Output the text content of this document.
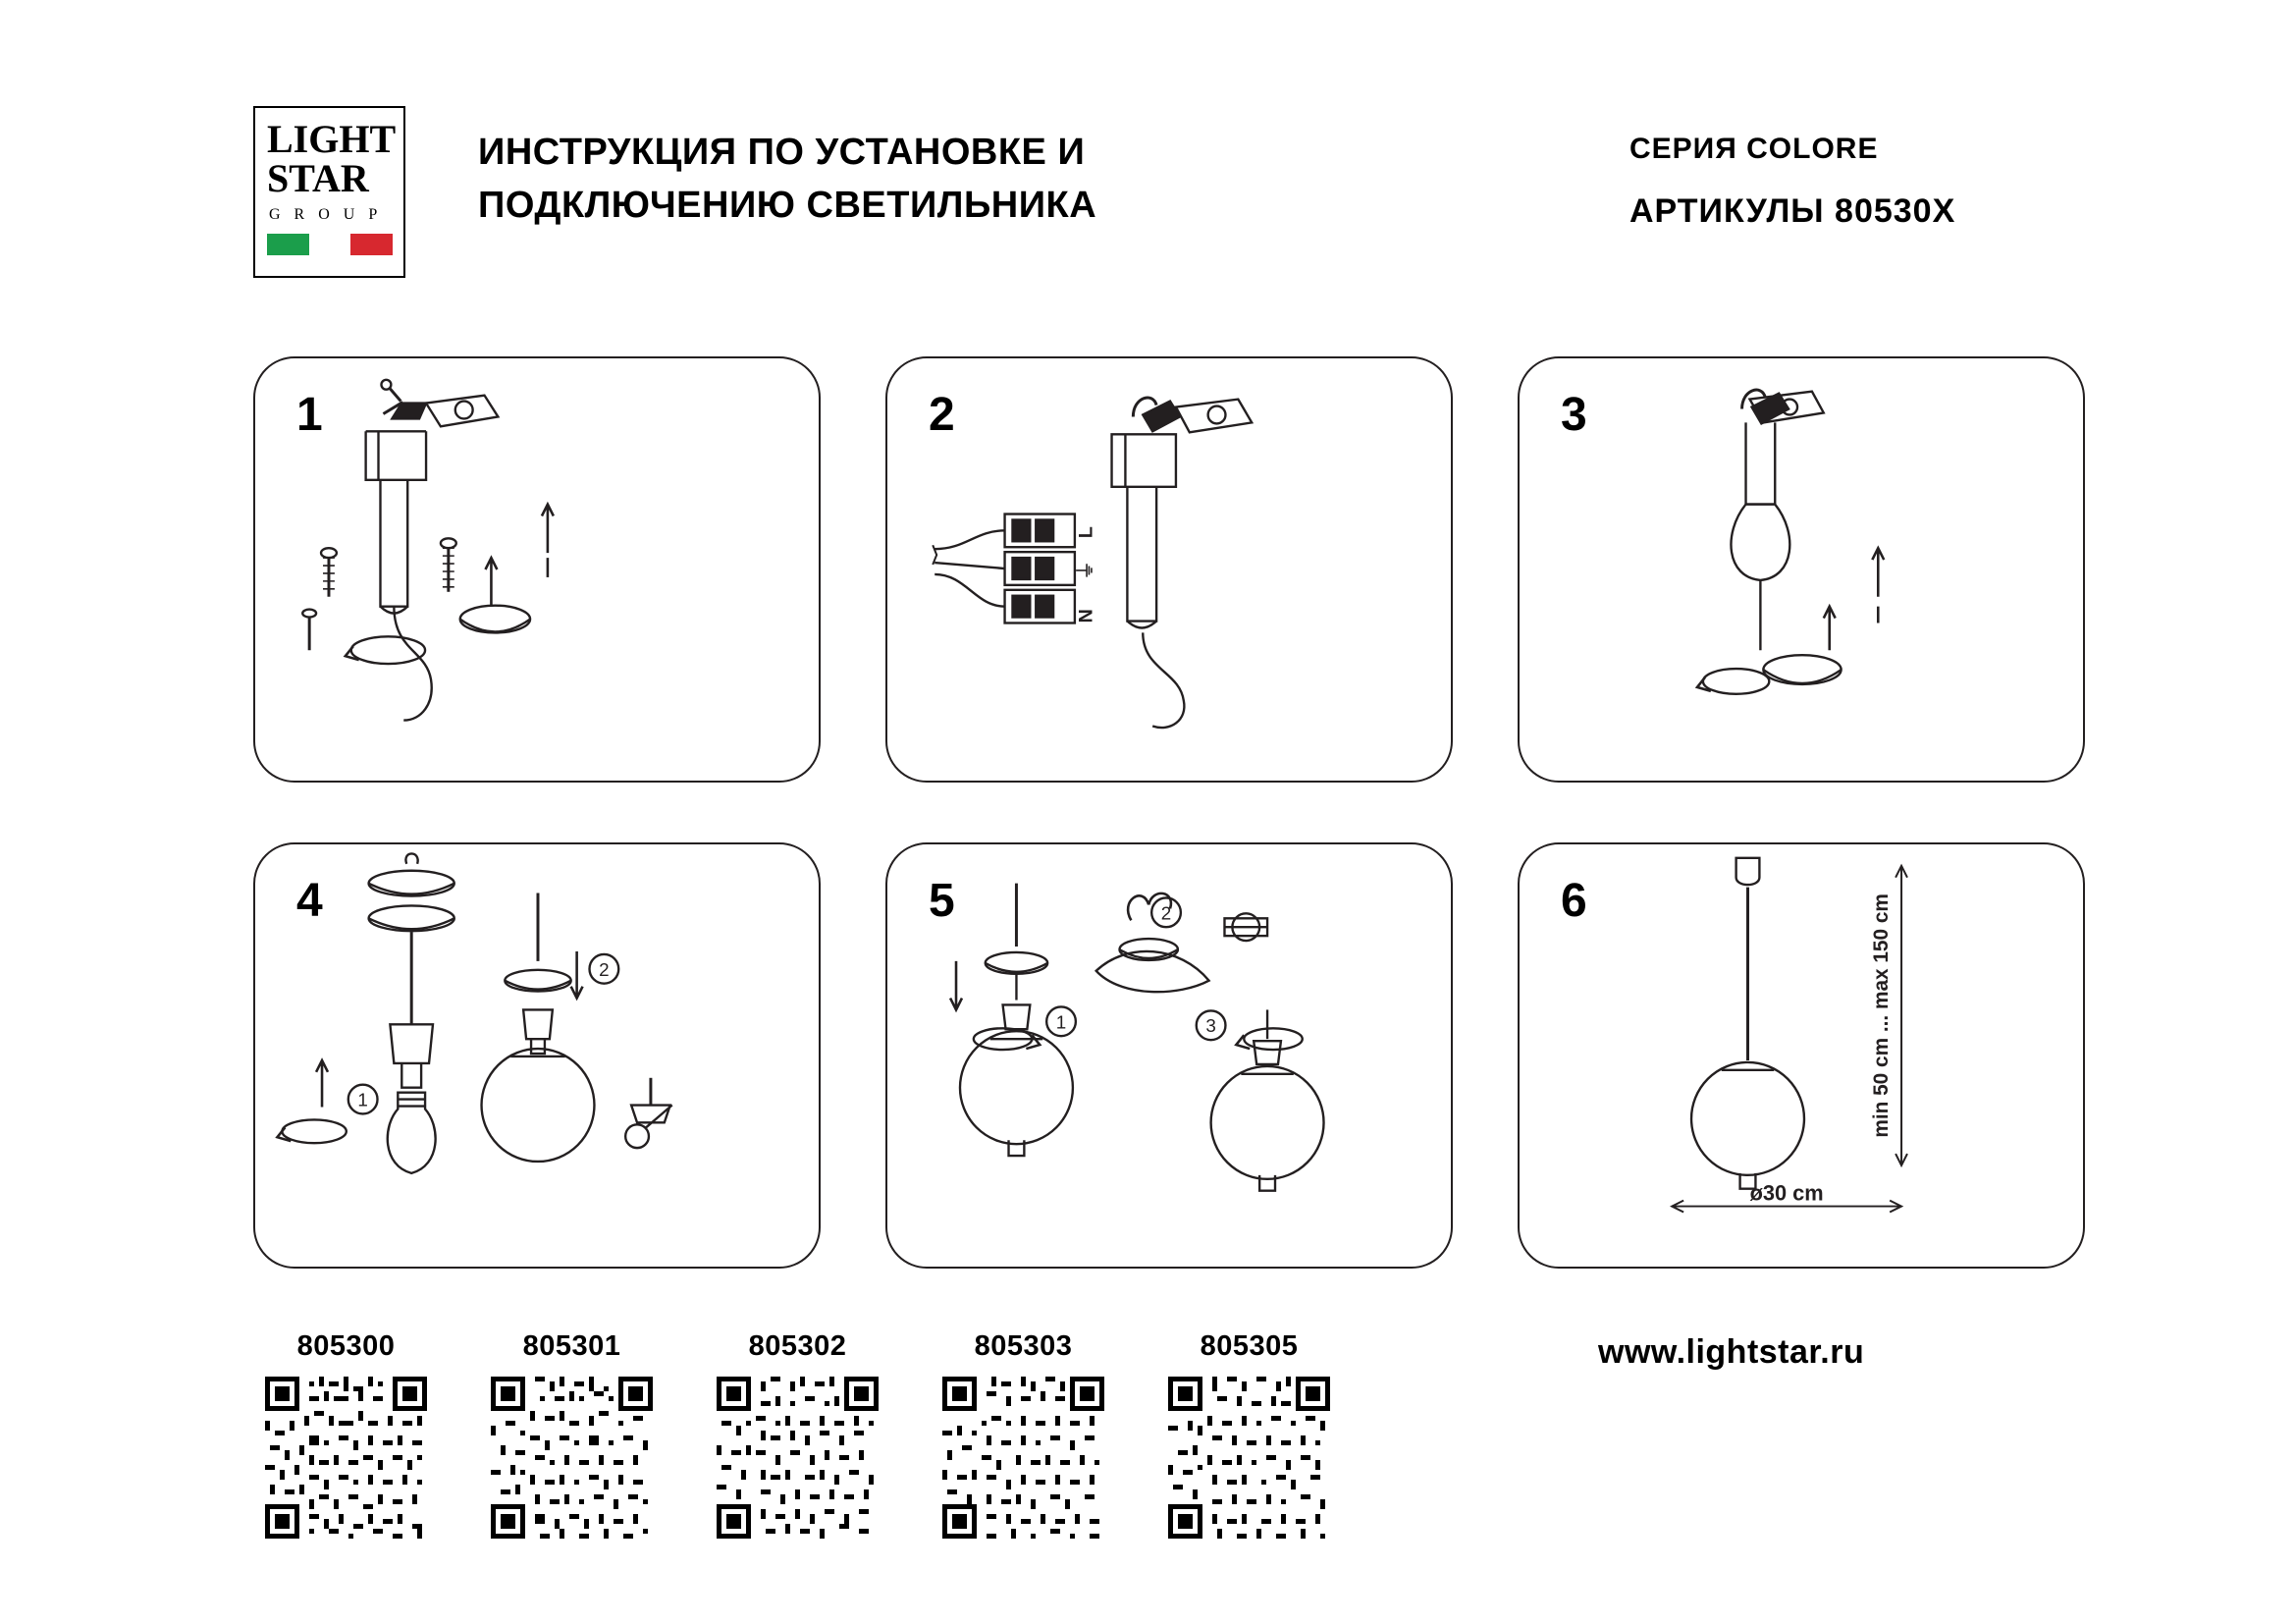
LIGHT
STAR
G R O U P
ИНСТРУКЦИЯ ПО УСТАНОВКЕ И ПОДКЛЮЧЕНИЮ СВЕТИЛЬНИКА
СЕРИЯ COLORE
АРТИКУЛЫ 80530X
1	2
L
⏚
N
3
4
1
2
5
1
2
3
6	min 50 cm ... max 150 cm
ø30 cm
805300	805301	805302	805303	805305	www.lightstar.ru
